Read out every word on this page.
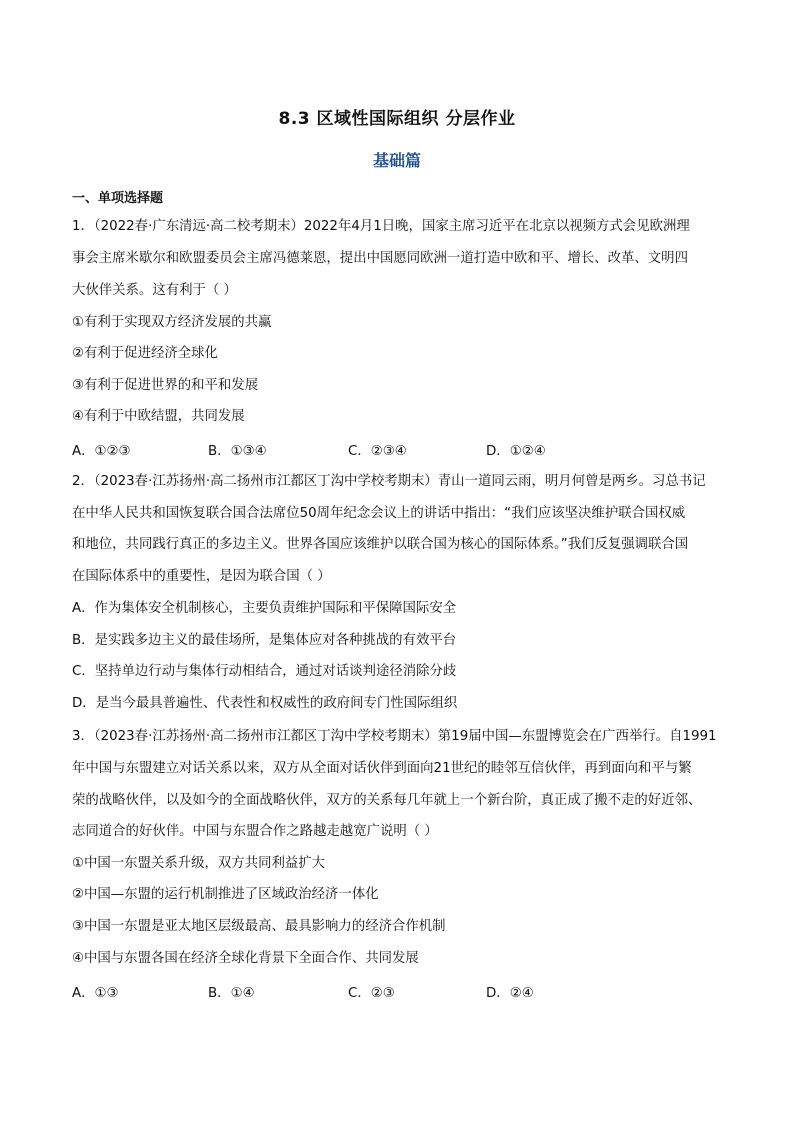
8.3 区域性国际组织 分层作业
基础篇
一、单项选择题
1．（2022春·广东清远·高二校考期末）2022年4月1日晚，国家主席习近平在北京以视频方式会见欧洲理
事会主席米歇尔和欧盟委员会主席冯德莱恩，提出中国愿同欧洲一道打造中欧和平、增长、改革、文明四
大伙伴关系。这有利于（ ）
①有利于实现双方经济发展的共赢
②有利于促进经济全球化
③有利于促进世界的和平和发展
④有利于中欧结盟，共同发展
A．①②③	B．①③④	C．②③④	D．①②④
2．（2023春·江苏扬州·高二扬州市江都区丁沟中学校考期末）青山一道同云雨，明月何曾是两乡。习总书记
在中华人民共和国恢复联合国合法席位50周年纪念会议上的讲话中指出：“我们应该坚决维护联合国权威
和地位，共同践行真正的多边主义。世界各国应该维护以联合国为核心的国际体系。”我们反复强调联合国
在国际体系中的重要性，是因为联合国（ ）
A．作为集体安全机制核心，主要负责维护国际和平保障国际安全
B．是实践多边主义的最佳场所，是集体应对各种挑战的有效平台
C．坚持单边行动与集体行动相结合，通过对话谈判途径消除分歧
D．是当今最具普遍性、代表性和权威性的政府间专门性国际组织
3．（2023春·江苏扬州·高二扬州市江都区丁沟中学校考期末）第19届中国—东盟博览会在广西举行。自1991
年中国与东盟建立对话关系以来，双方从全面对话伙伴到面向21世纪的睦邻互信伙伴，再到面向和平与繁
荣的战略伙伴，以及如今的全面战略伙伴，双方的关系每几年就上一个新台阶，真正成了搬不走的好近邻、
志同道合的好伙伴。中国与东盟合作之路越走越宽广说明（ ）
①中国一东盟关系升级，双方共同利益扩大
②中国—东盟的运行机制推进了区域政治经济一体化
③中国一东盟是亚太地区层级最高、最具影响力的经济合作机制
④中国与东盟各国在经济全球化背景下全面合作、共同发展
A．①③	B．①④	C．②③	D．②④
